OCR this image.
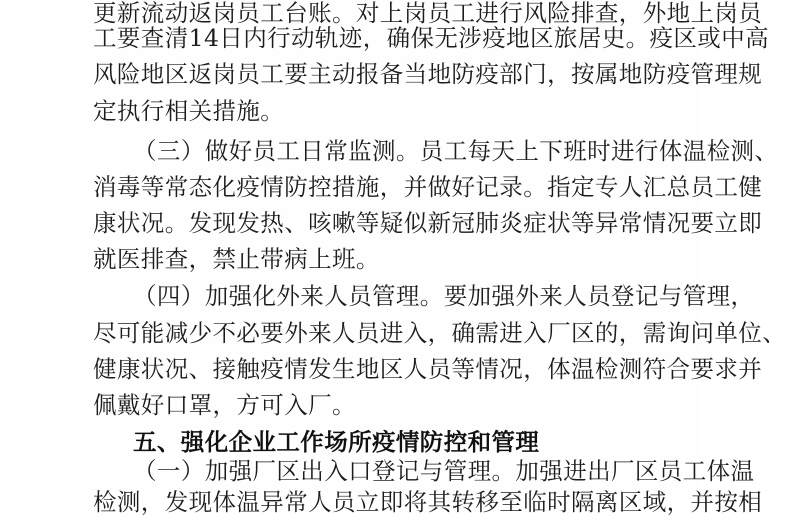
更新流动返岗员工台账。对上岗员工进行风险排查，外地上岗员
工要查清14日内行动轨迹，确保无涉疫地区旅居史。疫区或中高
风险地区返岗员工要主动报备当地防疫部门，按属地防疫管理规
定执行相关措施。
（三）做好员工日常监测。员工每天上下班时进行体温检测、
消毒等常态化疫情防控措施，并做好记录。指定专人汇总员工健
康状况。发现发热、咳嗽等疑似新冠肺炎症状等异常情况要立即
就医排查，禁止带病上班。
（四）加强化外来人员管理。要加强外来人员登记与管理，
尽可能减少不必要外来人员进入，确需进入厂区的，需询问单位、
健康状况、接触疫情发生地区人员等情况，体温检测符合要求并
佩戴好口罩，方可入厂。
五、强化企业工作场所疫情防控和管理
（一）加强厂区出入口登记与管理。加强进出厂区员工体温
检测，发现体温异常人员立即将其转移至临时隔离区域，并按相
